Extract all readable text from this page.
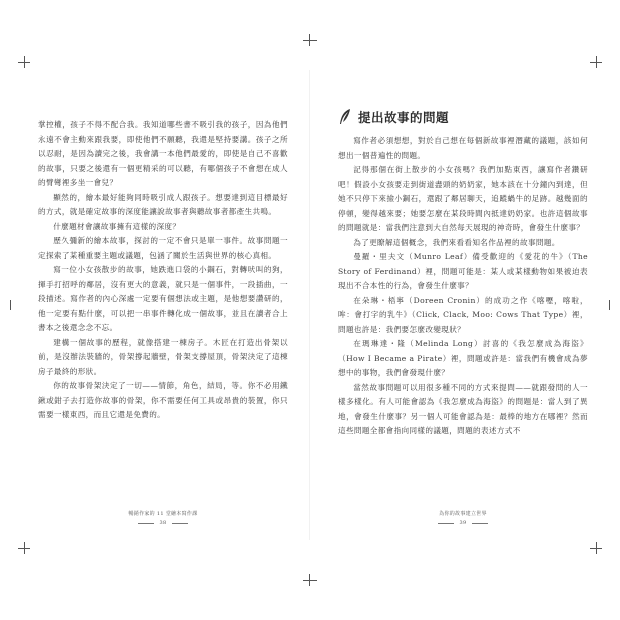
掌控權，孩子不得不配合我。我知道哪些書不吸引我的孩子，因為他們永遠不會主動來跟我要，即使他們不願聽，我還是堅持要講。孩子之所以忍耐，是因為讀完之後，我會講一本他們最愛的，即使是自己不喜歡的故事，只要之後還有一個更精采的可以聽，有哪個孩子不會想在成人的臂彎裡多坐一會兒？

顯然的，繪本最好能夠同時吸引成人跟孩子。想要達到這目標最好的方式，就是確定故事的深度能讓說故事者與聽故事者都產生共鳴。

什麼題材會讓故事擁有這樣的深度？

歷久彌新的繪本故事，探討的一定不會只是單一事件。故事問題一定探索了某種重要主題或議題，包涵了關於生活與世界的核心真相。

寫一位小女孩散步的故事，她跌進口袋的小鋼石，對轉吠叫的狗，揮手打招呼的鄰居，沒有更大的意義，就只是一個事件，一段插曲，一段描述。寫作者的內心深處一定要有個想法或主題，是他想要讚研的，他一定要有點什麼，可以把一串事件轉化成一個故事，並且在讀者合上書本之後還念念不忘。

建構一個故事的歷程，就像搭建一棟房子。木匠在打造出骨架以前，是沒辦法裝牆的，骨架撐起牆壁，骨架支撐屋頂，骨架決定了這棟房子最終的形狀。

你的故事骨架決定了一切——情節，角色，結局，等。你不必用鐵鍬或鉗子去打造你故事的骨架，你不需要任何工具或昂貴的裝置，你只需要一樣東西，而且它還是免費的。

暢銷作家的 11 堂繪本寫作課
38
提出故事的問題

寫作者必須想想，對於自己想在每個新故事裡潛藏的議題，該如何想出一個普遍性的問題。

記得那個在街上散步的小女孩嗎？我們加點東西，讓寫作者鑽研吧！假設小女孩要走到街道盡頭的奶奶家，她本該在十分鐘內到達，但她不只停下來撿小鋼石，還跟了鄰居聊天，追蹤蝸牛的足跡。越幾面的停頓，變得越來要；她要怎麼在某段時間內抵達奶奶家。也許這個故事的問題就是：當我們注意到大自然每天展現的神奇時，會發生什麼事？

為了更瞭解這個概念，我們來看看知名作品裡的故事問題。

曼羅・里夫文（Munro Leaf）備受歡迎的《愛花的牛》（The Story of Ferdinand）裡，問題可能是：某人或某樣動物如果被迫表現出不合本性的行為，會發生什麼事？

在朵琳・梧寧（Doreen Cronin）的成功之作《喀嚦，喀啦，哞：會打字的乳牛》（Click, Clack, Moo: Cows That Type）裡，問題也許是：我們要怎麼改變現狀？

在瑪琳達・隆（Melinda Long）討喜的《我怎麼成為海盜》（How I Became a Pirate）裡，問題或許是：當我們有機會成為夢想中的事物，我們會發現什麼？

當然故事問題可以用很多種不同的方式來提問——就跟發問的人一樣多樣化。有人可能會認為《我怎麼成為海盜》的問題是：當人到了異地，會發生什麼事？另一個人可能會認為是：最棒的地方在哪裡？然而這些問題全都會指向同樣的議題，問題的表述方式不

為你的故事建立世界
39
